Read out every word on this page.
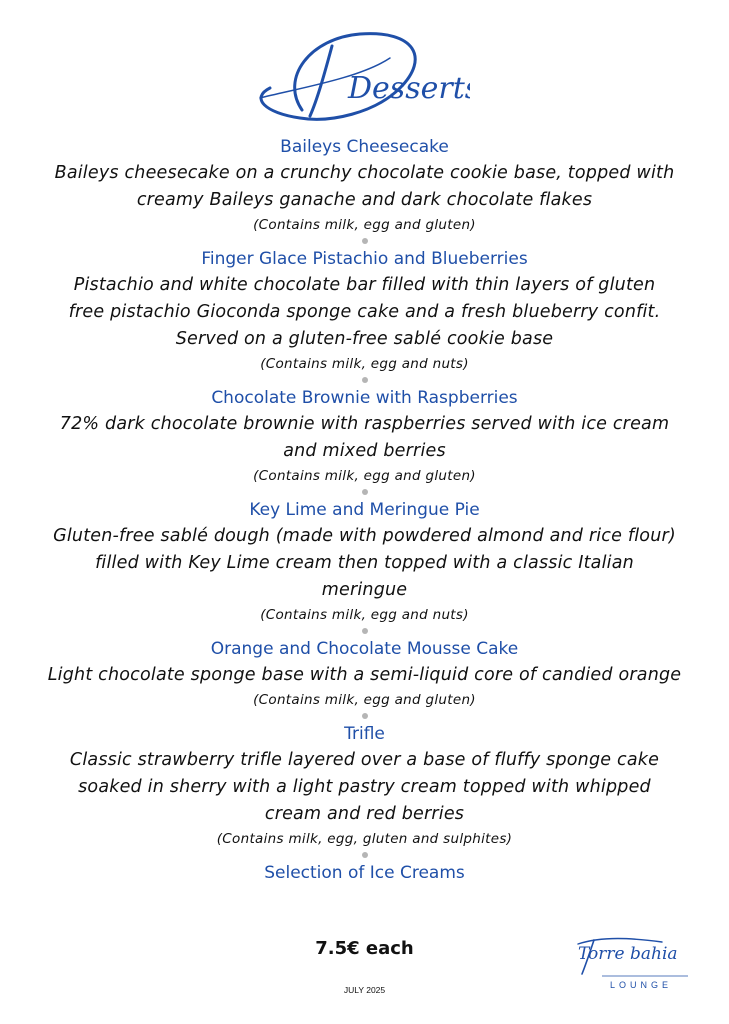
Desserts

Baileys Cheesecake

Baileys cheesecake on a crunchy chocolate cookie base, topped with
creamy Baileys ganache and dark chocolate flakes

(Contains milk, egg and gluten)

Finger Glace Pistachio and Blueberries

Pistachio and white chocolate bar filled with thin layers of gluten
free pistachio Gioconda sponge cake and a fresh blueberry confit.
Served on a gluten-free sablé cookie base

(Contains milk, egg and nuts)

Chocolate Brownie with Raspberries

72% dark chocolate brownie with raspberries served with ice cream
and mixed berries

(Contains milk, egg and gluten)

Key Lime and Meringue Pie

Gluten-free sablé dough (made with powdered almond and rice flour)
filled with Key Lime cream then topped with a classic Italian
meringue

(Contains milk, egg and nuts)

Orange and Chocolate Mousse Cake

Light chocolate sponge base with a semi-liquid core of candied orange

(Contains milk, egg and gluten)

Trifle

Classic strawberry trifle layered over a base of fluffy sponge cake
soaked in sherry with a light pastry cream topped with whipped
cream and red berries

(Contains milk, egg, gluten and sulphites)

Selection of Ice Creams

7.5€ each
JULY 2025
Torre bahia
LOUNGE
